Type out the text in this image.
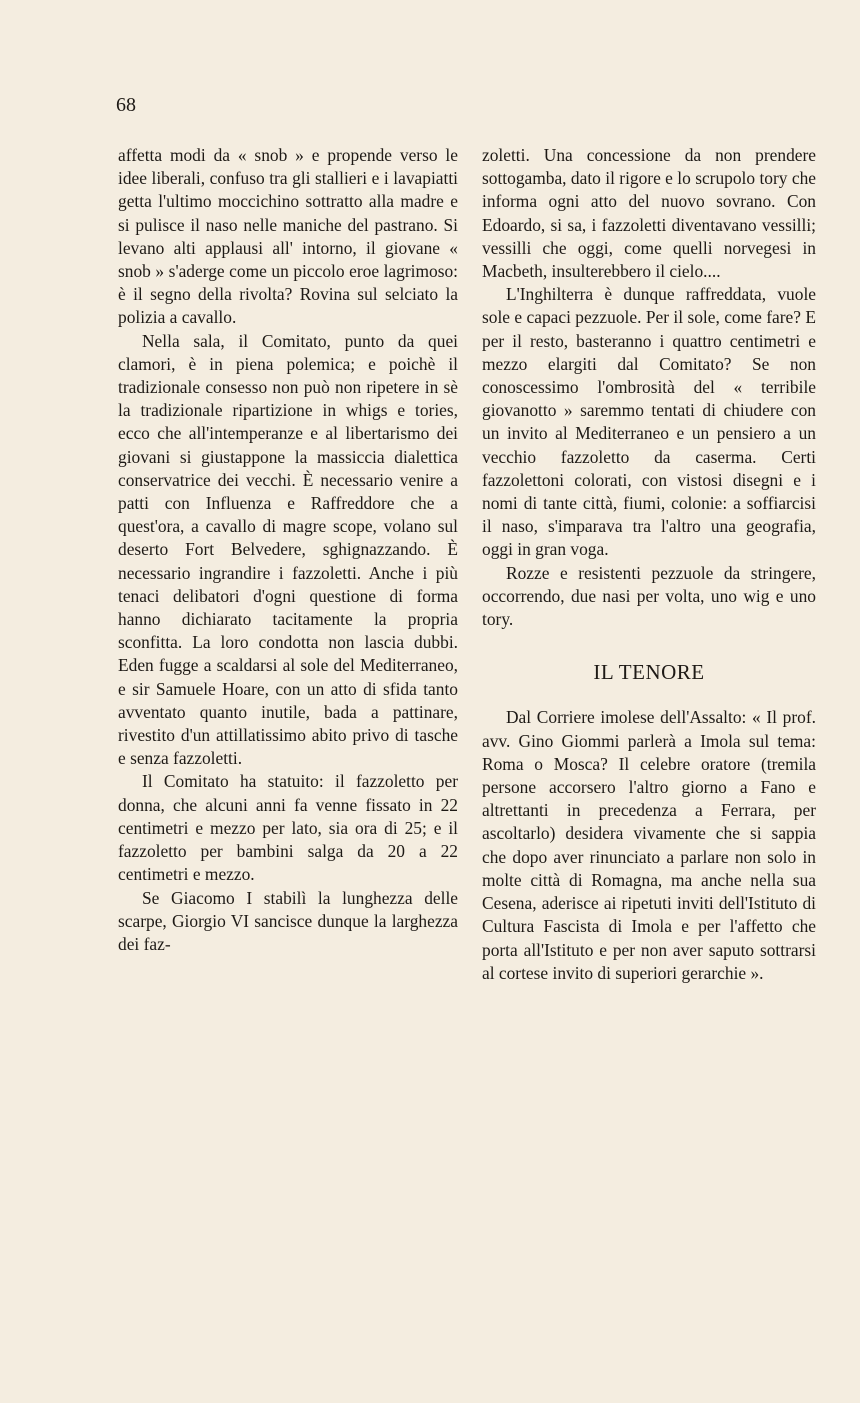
68

affetta modi da « snob » e propende verso le idee liberali, confuso tra gli stallieri e i lavapiatti getta l'ultimo moccichino sottratto alla madre e si pulisce il naso nelle maniche del pastrano. Si levano alti applausi all' intorno, il giovane « snob » s'aderge come un piccolo eroe lagrimoso: è il segno della rivolta? Rovina sul selciato la polizia a cavallo.

Nella sala, il Comitato, punto da quei clamori, è in piena polemica; e poichè il tradizionale consesso non può non ripetere in sè la tradizionale ripartizione in whigs e tories, ecco che all'intemperanze e al libertarismo dei giovani si giustappone la massiccia dialettica conservatrice dei vecchi. È necessario venire a patti con Influenza e Raffreddore che a quest'ora, a cavallo di magre scope, volano sul deserto Fort Belvedere, sghignazzando. È necessario ingrandire i fazzoletti. Anche i più tenaci delibatori d'ogni questione di forma hanno dichiarato tacitamente la propria sconfitta. La loro condotta non lascia dubbi. Eden fugge a scaldarsi al sole del Mediterraneo, e sir Samuele Hoare, con un atto di sfida tanto avventato quanto inutile, bada a pattinare, rivestito d'un attillatissimo abito privo di tasche e senza fazzoletti.

Il Comitato ha statuito: il fazzoletto per donna, che alcuni anni fa venne fissato in 22 centimetri e mezzo per lato, sia ora di 25; e il fazzoletto per bambini salga da 20 a 22 centimetri e mezzo.

Se Giacomo I stabilì la lunghezza delle scarpe, Giorgio VI sancisce dunque la larghezza dei faz-

zoletti. Una concessione da non prendere sottogamba, dato il rigore e lo scrupolo tory che informa ogni atto del nuovo sovrano. Con Edoardo, si sa, i fazzoletti diventavano vessilli; vessilli che oggi, come quelli norvegesi in Macbeth, insulterebbero il cielo....

L'Inghilterra è dunque raffreddata, vuole sole e capaci pezzuole. Per il sole, come fare? E per il resto, basteranno i quattro centimetri e mezzo elargiti dal Comitato? Se non conoscessimo l'ombrosità del « terribile giovanotto » saremmo tentati di chiudere con un invito al Mediterraneo e un pensiero a un vecchio fazzoletto da caserma. Certi fazzolettoni colorati, con vistosi disegni e i nomi di tante città, fiumi, colonie: a soffiarcisi il naso, s'imparava tra l'altro una geografia, oggi in gran voga.

Rozze e resistenti pezzuole da stringere, occorrendo, due nasi per volta, uno wig e uno tory.

IL TENORE

Dal Corriere imolese dell'Assalto: « Il prof. avv. Gino Giommi parlerà a Imola sul tema: Roma o Mosca? Il celebre oratore (tremila persone accorsero l'altro giorno a Fano e altrettanti in precedenza a Ferrara, per ascoltarlo) desidera vivamente che si sappia che dopo aver rinunciato a parlare non solo in molte città di Romagna, ma anche nella sua Cesena, aderisce ai ripetuti inviti dell'Istituto di Cultura Fascista di Imola e per l'affetto che porta all'Istituto e per non aver saputo sottrarsi al cortese invito di superiori gerarchie ».
